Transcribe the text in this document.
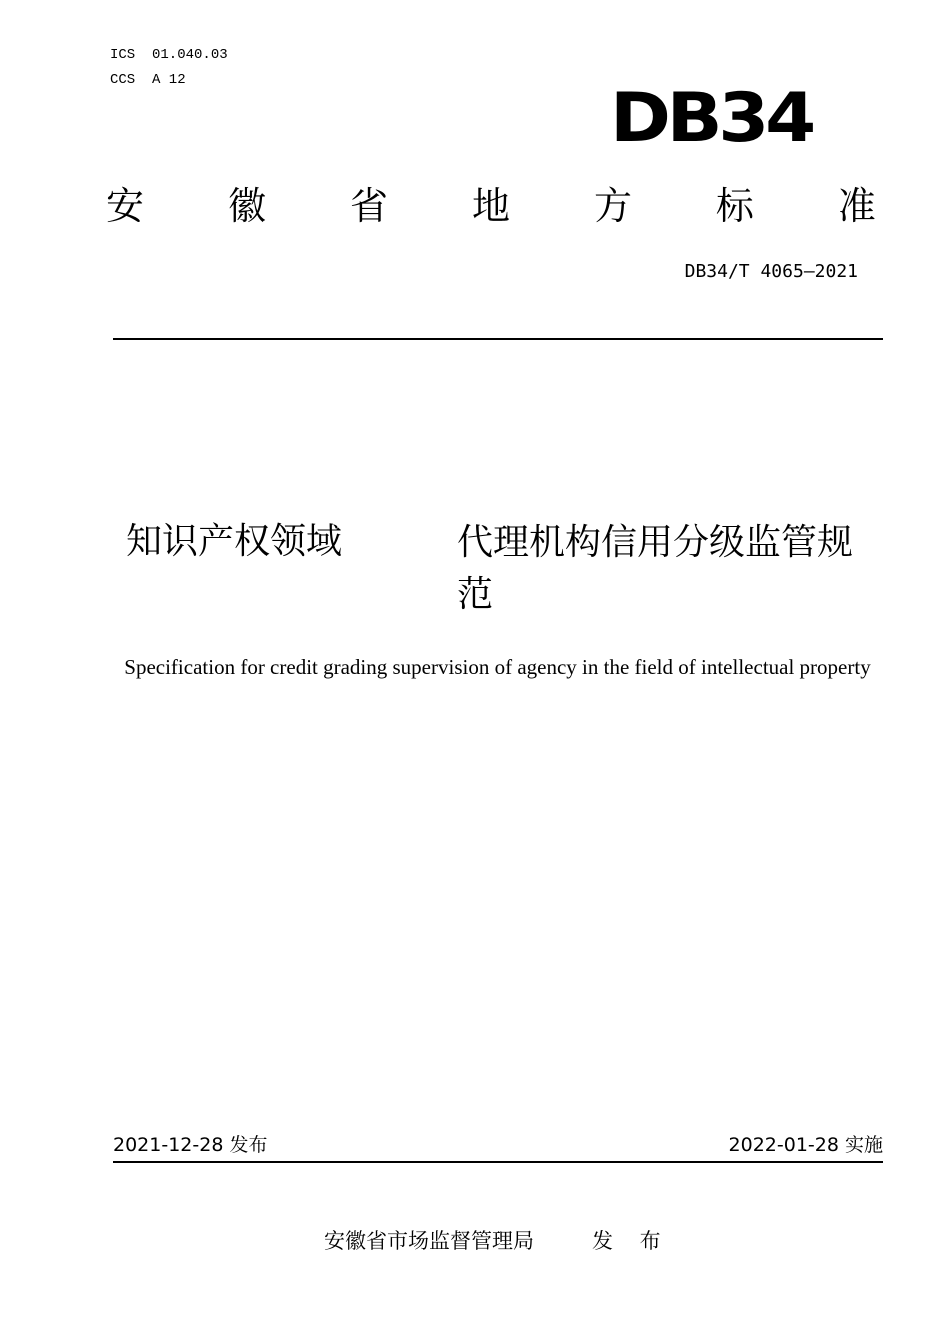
ICS  01.040.03
CCS  A 12	DB34
安 徽 省 地 方 标 准
DB34/T 4065—2021
知识产权领域	代理机构信用分级监管规范
Specification for credit grading supervision of agency in the field of intellectual property
2021-12-28 发布	2022-01-28 实施
安徽省市场监督管理局	发 布
